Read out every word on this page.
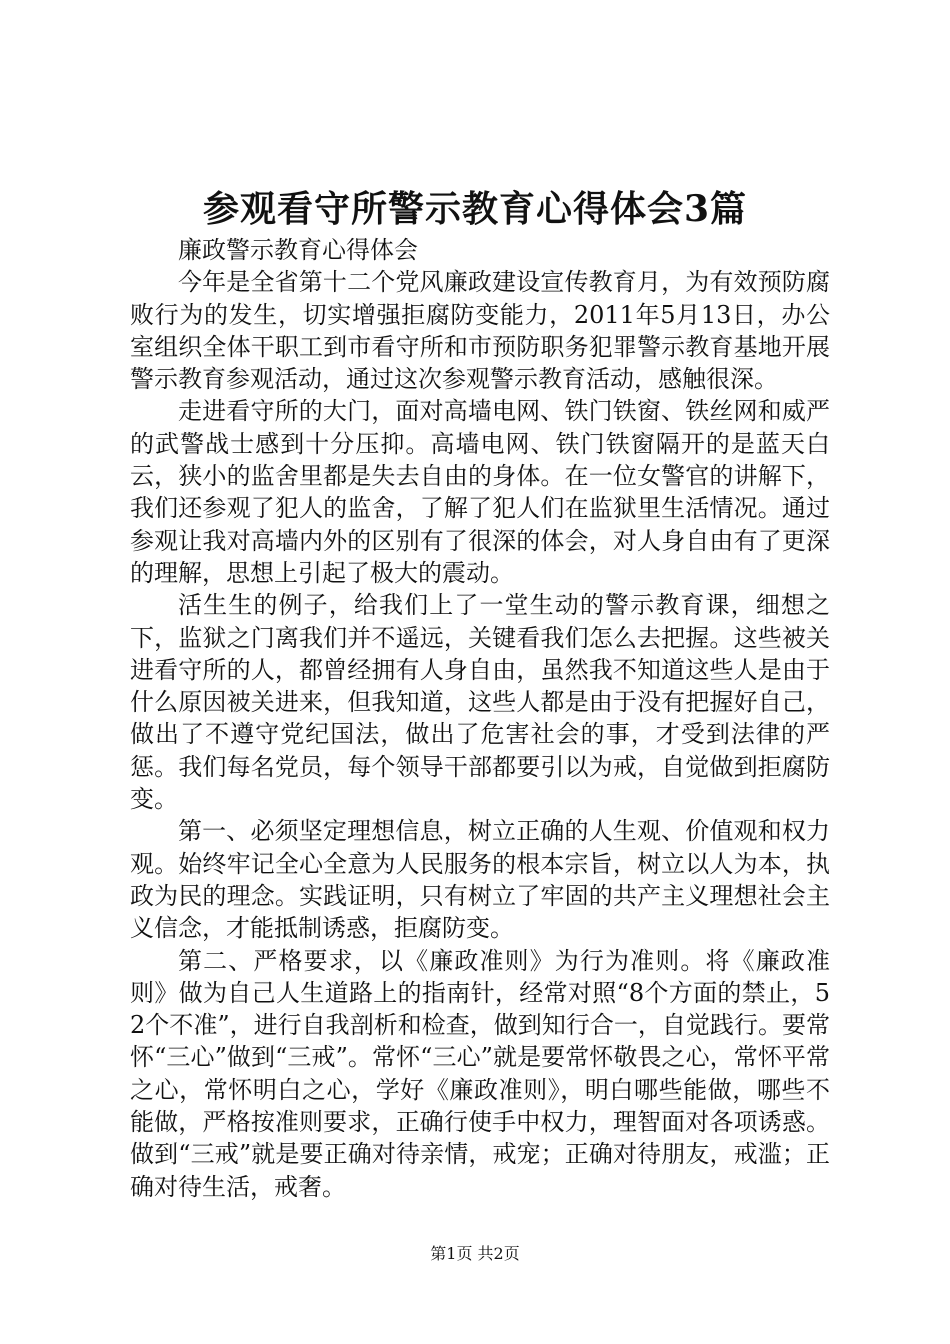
参观看守所警示教育心得体会3篇

廉政警示教育心得体会

今年是全省第十二个党风廉政建设宣传教育月，为有效预防腐败行为的发生，切实增强拒腐防变能力，2011年5月13日，办公室组织全体干职工到市看守所和市预防职务犯罪警示教育基地开展警示教育参观活动，通过这次参观警示教育活动，感触很深。

走进看守所的大门，面对高墙电网、铁门铁窗、铁丝网和威严的武警战士感到十分压抑。高墙电网、铁门铁窗隔开的是蓝天白云，狭小的监舍里都是失去自由的身体。在一位女警官的讲解下，我们还参观了犯人的监舍，了解了犯人们在监狱里生活情况。通过参观让我对高墙内外的区别有了很深的体会，对人身自由有了更深的理解，思想上引起了极大的震动。

活生生的例子，给我们上了一堂生动的警示教育课，细想之下，监狱之门离我们并不遥远，关键看我们怎么去把握。这些被关进看守所的人，都曾经拥有人身自由，虽然我不知道这些人是由于什么原因被关进来，但我知道，这些人都是由于没有把握好自己，做出了不遵守党纪国法，做出了危害社会的事，才受到法律的严惩。我们每名党员，每个领导干部都要引以为戒，自觉做到拒腐防变。

第一、必须坚定理想信息，树立正确的人生观、价值观和权力观。始终牢记全心全意为人民服务的根本宗旨，树立以人为本，执政为民的理念。实践证明，只有树立了牢固的共产主义理想社会主义信念，才能抵制诱惑，拒腐防变。

第二、严格要求，以《廉政准则》为行为准则。将《廉政准则》做为自己人生道路上的指南针，经常对照“8个方面的禁止，52个不准”，进行自我剖析和检查，做到知行合一，自觉践行。要常怀“三心”做到“三戒”。常怀“三心”就是要常怀敬畏之心，常怀平常之心，常怀明白之心，学好《廉政准则》，明白哪些能做，哪些不能做，严格按准则要求，正确行使手中权力，理智面对各项诱惑。做到“三戒”就是要正确对待亲情，戒宠；正确对待朋友，戒滥；正确对待生活，戒奢。

第1页 共2页
